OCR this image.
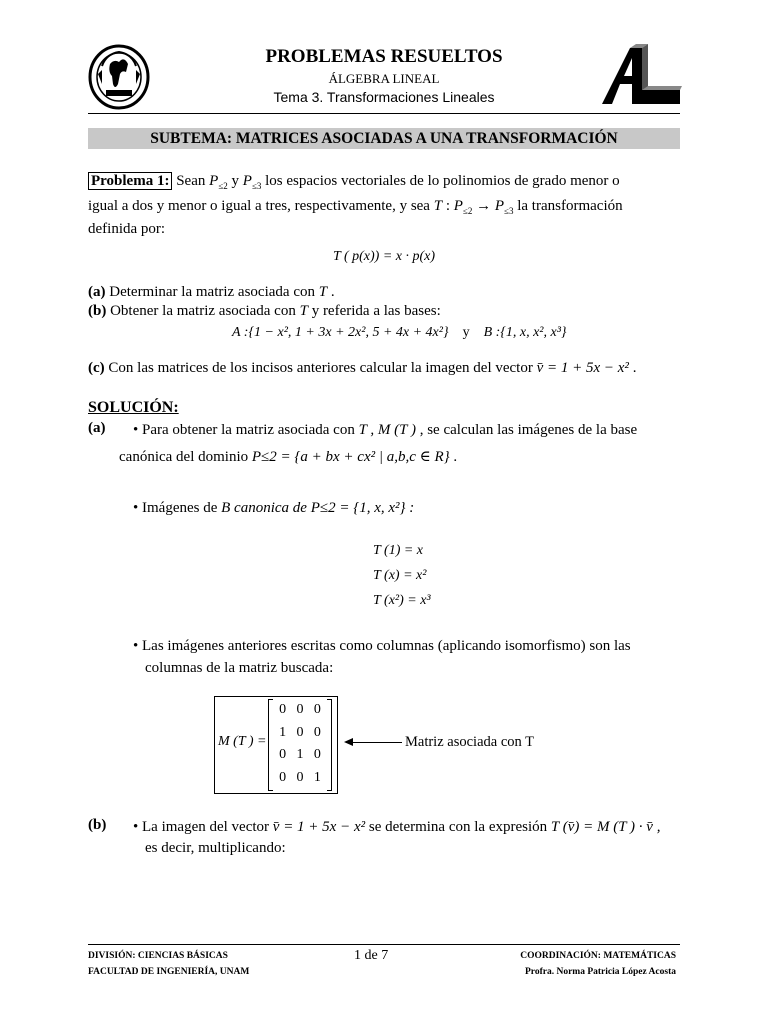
PROBLEMAS RESUELTOS
ÁLGEBRA LINEAL
Tema 3. Transformaciones Lineales
SUBTEMA: MATRICES ASOCIADAS A UNA TRANSFORMACIÓN
Problema 1: Sean $P_{\le 2}$ y $P_{\le 3}$ los espacios vectoriales de lo polinomios de grado menor o
igual a dos y menor o igual a tres, respectivamente, y sea T : $P_{\le 2} \to P_{\le 3}$ la transformación
definida por:
T ( p(x)) = x · p(x)
(a) Determinar la matriz asociada con T .
(b) Obtener la matriz asociada con T y referida a las bases:
A :{1 − x², 1 + 3x + 2x², 5 + 4x + 4x²} y B :{1, x, x², x³}
(c) Con las matrices de los incisos anteriores calcular la imagen del vector v̄ = 1 + 5x − x² .
SOLUCIÓN:
(a) • Para obtener la matriz asociada con T , M (T ) , se calculan las imágenes de la base
canónica del dominio P≤2 = {a + bx + cx² | a,b,c ∈ R} .
• Imágenes de B canonica de P≤2 = {1, x, x²} :
T (1) = x
T (x) = x²
T (x²) = x³
• Las imágenes anteriores escritas como columnas (aplicando isomorfismo) son las
columnas de la matriz buscada:
M (T ) =
0	0	0
1	0	0
0	1	0
0	0	1
Matriz asociada con T
(b) • La imagen del vector v̄ = 1 + 5x − x² se determina con la expresión T (v̄) = M (T ) · v̄ ,
es decir, multiplicando:
DIVISIÓN: CIENCIAS BÁSICAS
FACULTAD DE INGENIERÍA, UNAM
1 de 7	COORDINACIÓN: MATEMÁTICAS
Profra. Norma Patricia López Acosta
